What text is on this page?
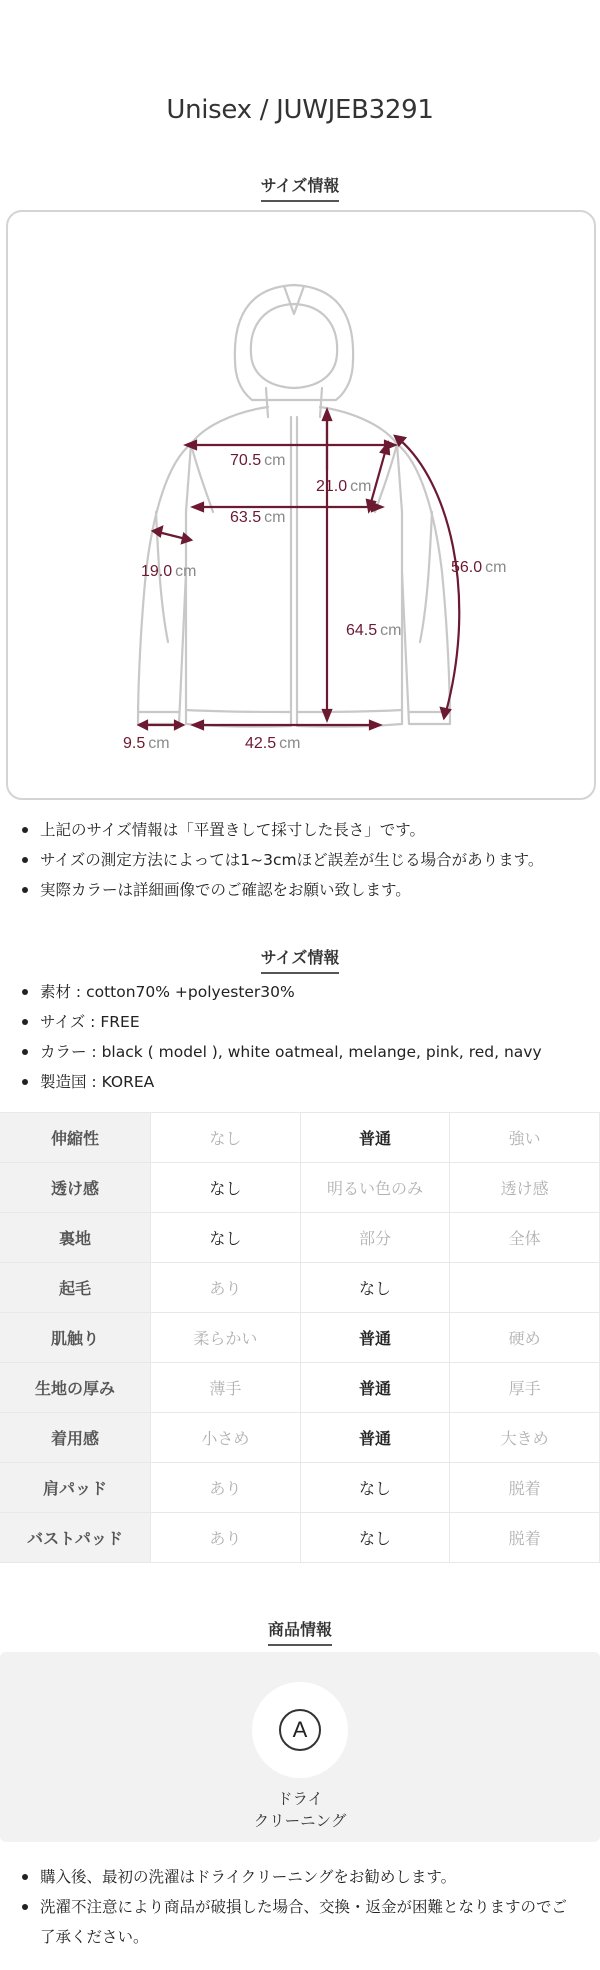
Unisex / JUWJEB3291
サイズ情報
70.5 cm
21.0 cm
63.5 cm
56.0 cm
19.0 cm
64.5 cm
9.5 cm	42.5 cm
上記のサイズ情報は「平置きして採寸した長さ」です。
サイズの測定方法によっては1~3cmほど誤差が生じる場合があります。
実際カラーは詳細画像でのご確認をお願い致します。
サイズ情報
素材 : cotton70% +polyester30%
サイズ : FREE
カラー : black ( model ), white oatmeal, melange, pink, red, navy
製造国 : KOREA
伸縮性	なし	普通	強い
透け感	なし	明るい色のみ	透け感
裏地	なし	部分	全体
起毛	あり	なし	
肌触り	柔らかい	普通	硬め
生地の厚み	薄手	普通	厚手
着用感	小さめ	普通	大きめ
肩パッド	あり	なし	脱着
バストパッド	あり	なし	脱着
商品情報
A
ドライ
クリーニング
購入後、最初の洗濯はドライクリーニングをお勧めします。
洗濯不注意により商品が破損した場合、交換・返金が困難となりますのでご了承ください。
